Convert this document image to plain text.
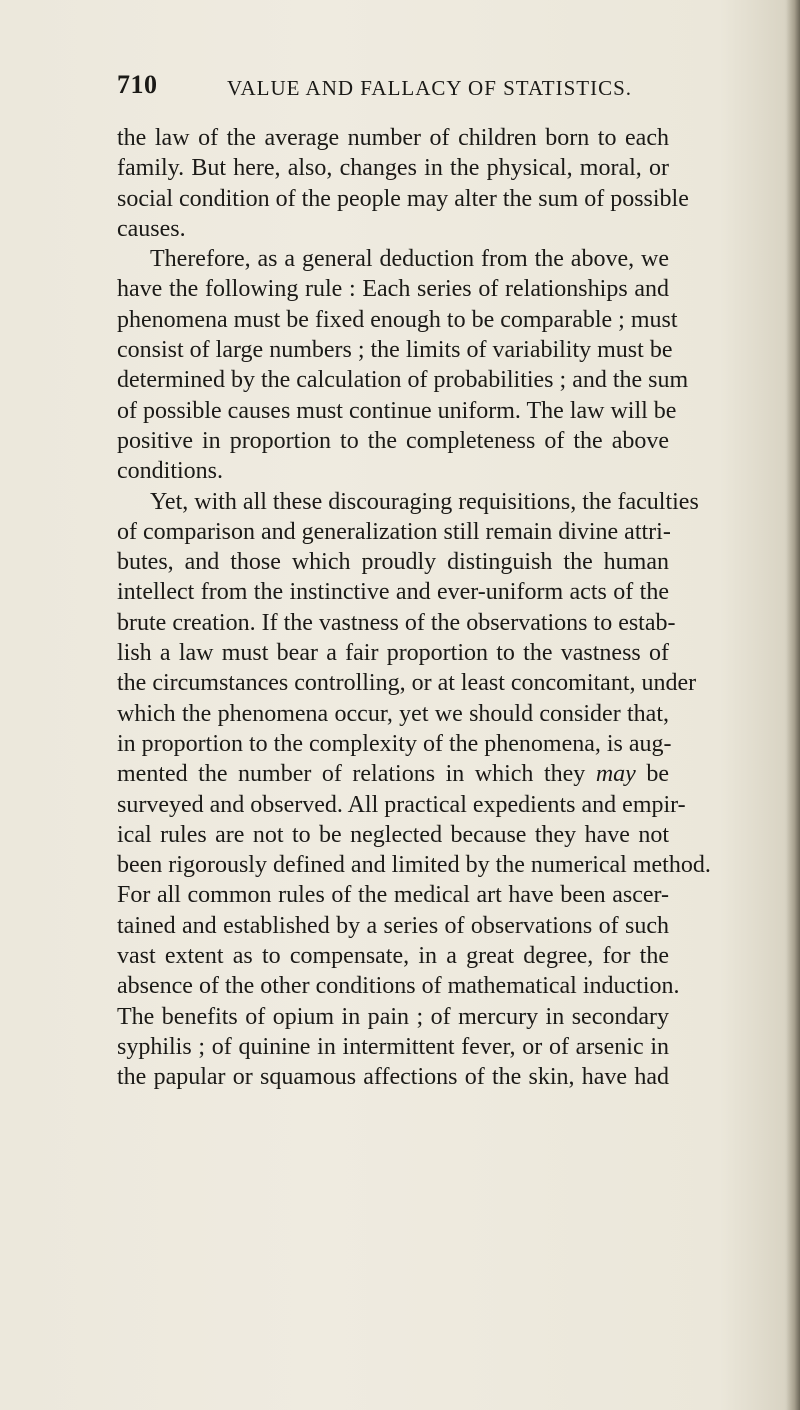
710	VALUE AND FALLACY OF STATISTICS.
the law of the average number of children born to each
family. But here, also, changes in the physical, moral, or
social condition of the people may alter the sum of possible
causes.
Therefore, as a general deduction from the above, we
have the following rule : Each series of relationships and
phenomena must be fixed enough to be comparable ; must
consist of large numbers ; the limits of variability must be
determined by the calculation of probabilities ; and the sum
of possible causes must continue uniform. The law will be
positive in proportion to the completeness of the above
conditions.
Yet, with all these discouraging requisitions, the faculties
of comparison and generalization still remain divine attri-
butes, and those which proudly distinguish the human
intellect from the instinctive and ever-uniform acts of the
brute creation. If the vastness of the observations to estab-
lish a law must bear a fair proportion to the vastness of
the circumstances controlling, or at least concomitant, under
which the phenomena occur, yet we should consider that,
in proportion to the complexity of the phenomena, is aug-
mented the number of relations in which they may be
surveyed and observed. All practical expedients and empir-
ical rules are not to be neglected because they have not
been rigorously defined and limited by the numerical method.
For all common rules of the medical art have been ascer-
tained and established by a series of observations of such
vast extent as to compensate, in a great degree, for the
absence of the other conditions of mathematical induction.
The benefits of opium in pain ; of mercury in secondary
syphilis ; of quinine in intermittent fever, or of arsenic in
the papular or squamous affections of the skin, have had
